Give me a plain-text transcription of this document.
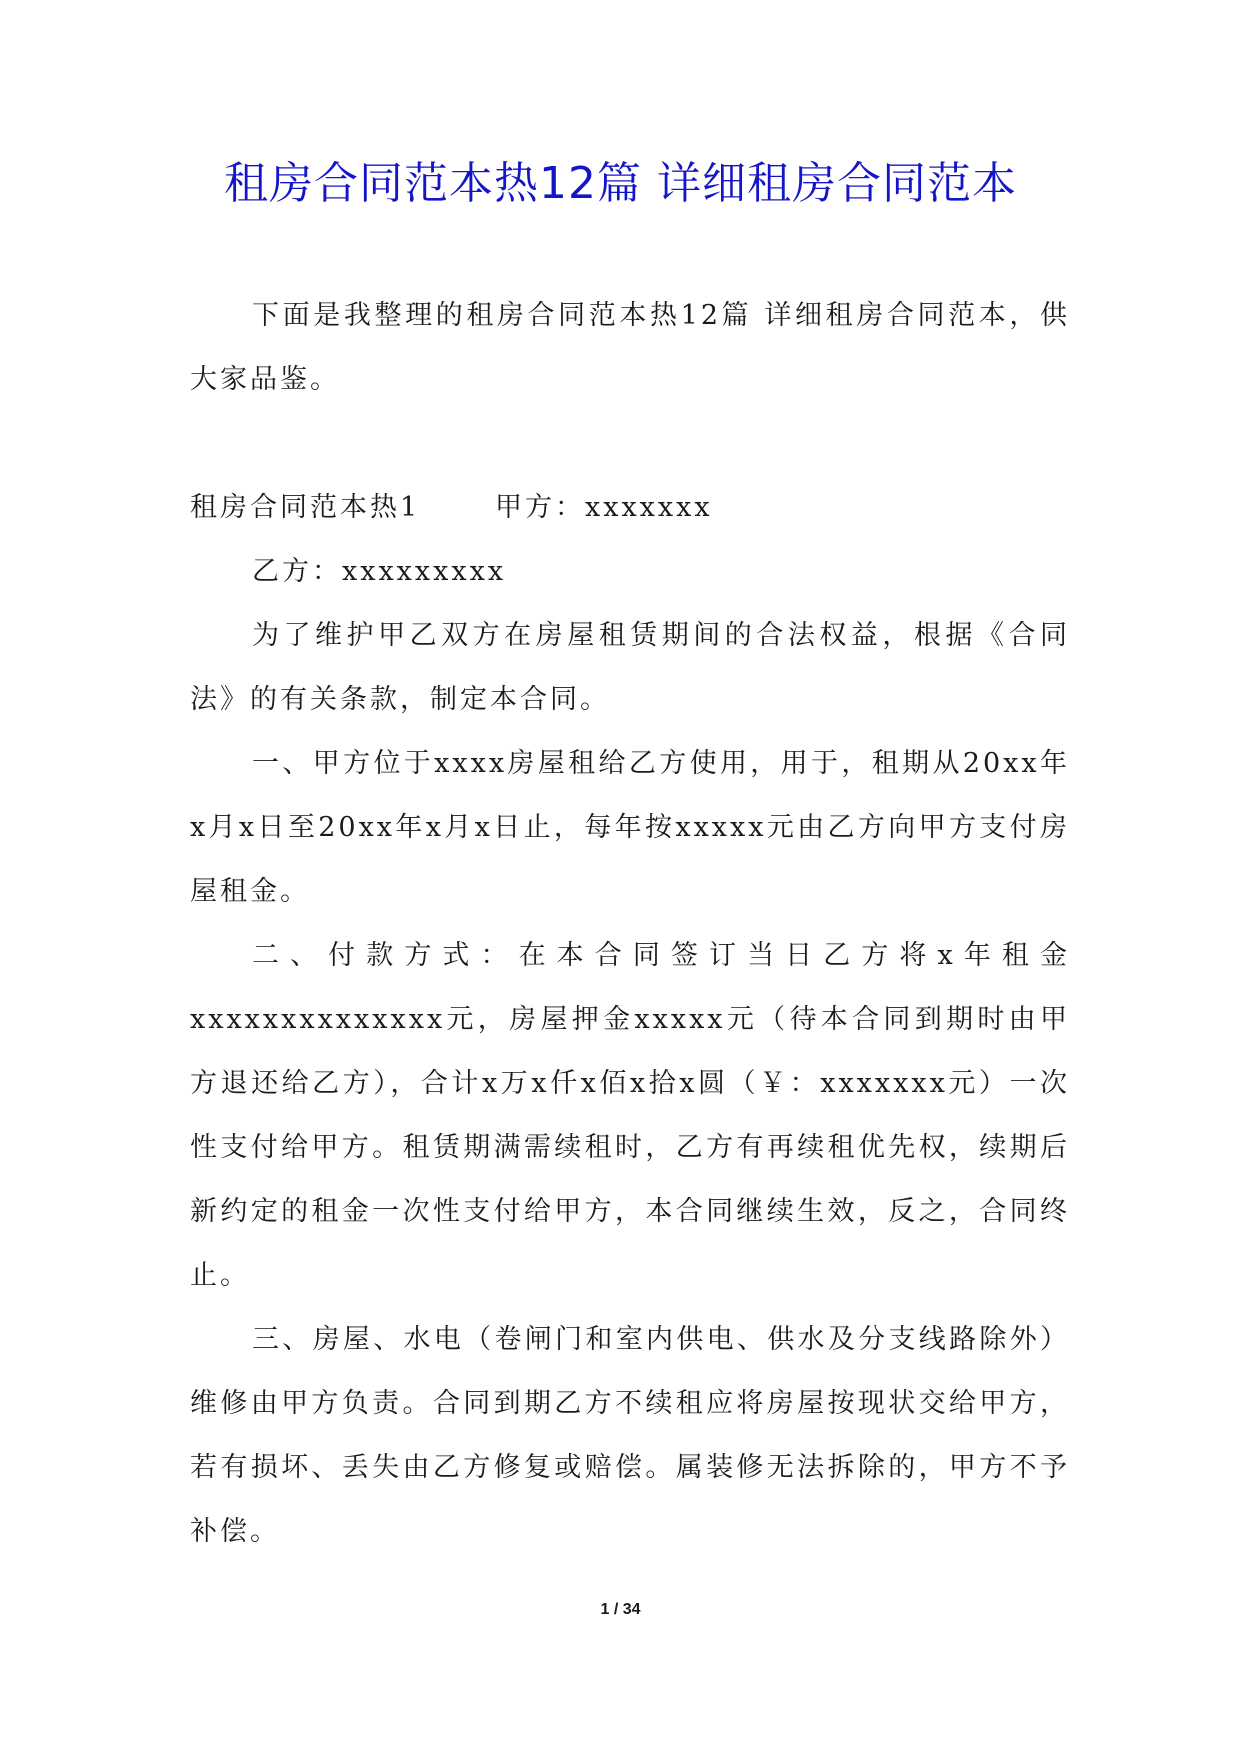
租房合同范本热12篇 详细租房合同范本

下面是我整理的租房合同范本热12篇 详细租房合同范本，供大家品鉴。

租房合同范本热1	甲方：xxxxxxx

乙方：xxxxxxxxx

为了维护甲乙双方在房屋租赁期间的合法权益，根据《合同法》的有关条款，制定本合同。

一、甲方位于xxxx房屋租给乙方使用，用于，租期从20xx年x月x日至20xx年x月x日止，每年按xxxxx元由乙方向甲方支付房屋租金。

二、付款方式：在本合同签订当日乙方将x年租金xxxxxxxxxxxxxx元，房屋押金xxxxx元（待本合同到期时由甲方退还给乙方），合计x万x仟x佰x拾x圆（￥：xxxxxxx元）一次性支付给甲方。租赁期满需续租时，乙方有再续租优先权，续期后新约定的租金一次性支付给甲方，本合同继续生效，反之，合同终止。

三、房屋、水电（卷闸门和室内供电、供水及分支线路除外）维修由甲方负责。合同到期乙方不续租应将房屋按现状交给甲方，若有损坏、丢失由乙方修复或赔偿。属装修无法拆除的，甲方不予补偿。

1 / 34
